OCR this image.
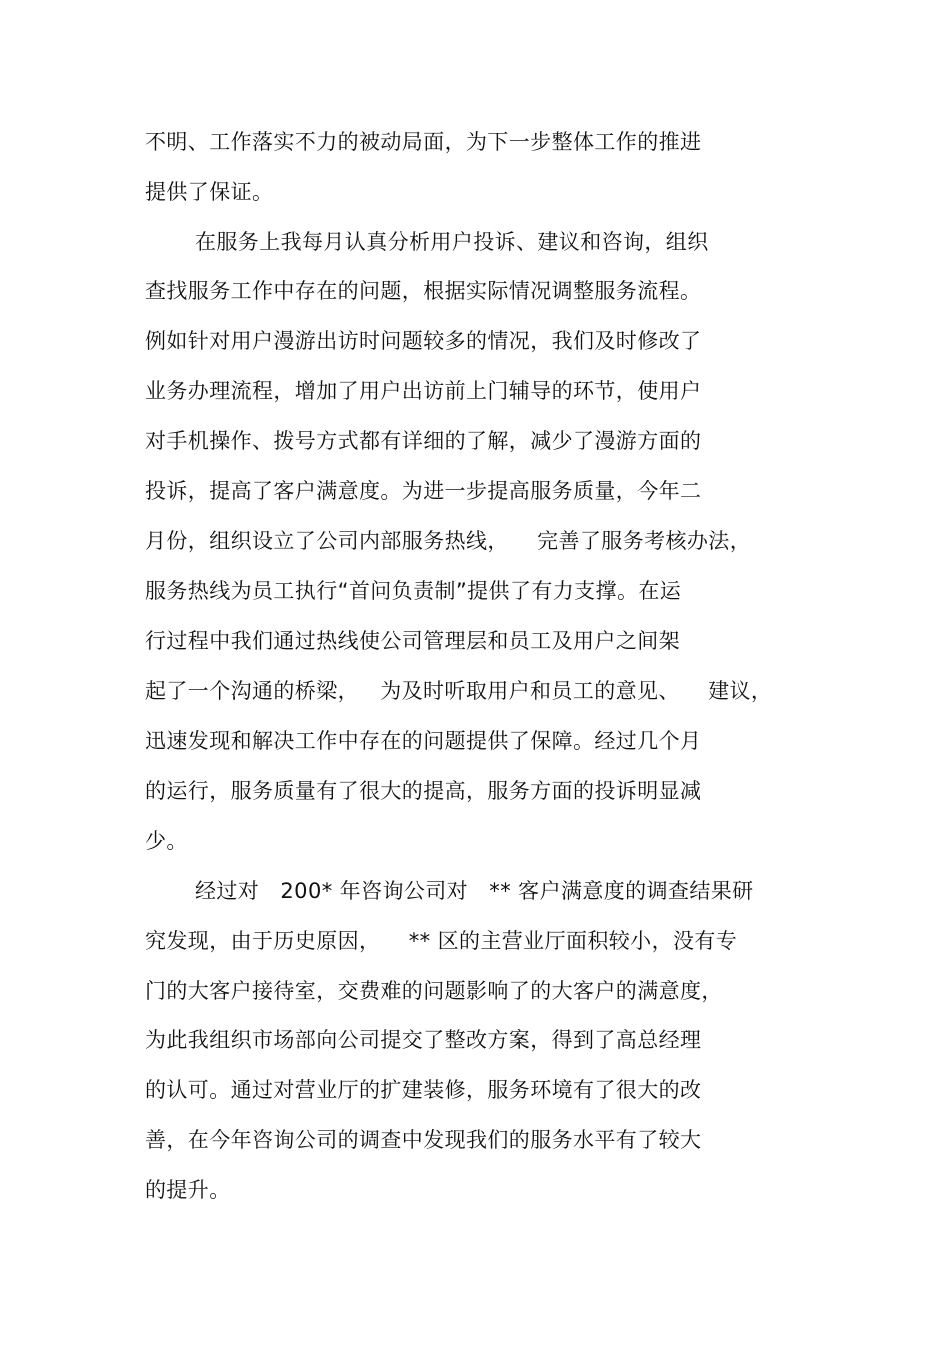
不明、工作落实不力的被动局面，为下一步整体工作的推进
提供了保证。
在服务上我每月认真分析用户投诉、建议和咨询，组织
查找服务工作中存在的问题，根据实际情况调整服务流程。
例如针对用户漫游出访时问题较多的情况，我们及时修改了
业务办理流程，增加了用户出访前上门辅导的环节，使用户
对手机操作、拨号方式都有详细的了解，减少了漫游方面的
投诉，提高了客户满意度。为进一步提高服务质量，今年二
月份，组织设立了公司内部服务热线，    完善了服务考核办法，
服务热线为员工执行“首问负责制”提供了有力支撑。在运
行过程中我们通过热线使公司管理层和员工及用户之间架
起了一个沟通的桥梁，   为及时听取用户和员工的意见、    建议，
迅速发现和解决工作中存在的问题提供了保障。经过几个月
的运行，服务质量有了很大的提高，服务方面的投诉明显减
少。
经过对   200* 年咨询公司对   ** 客户满意度的调查结果研
究发现，由于历史原因，    ** 区的主营业厅面积较小，没有专
门的大客户接待室，交费难的问题影响了的大客户的满意度，
为此我组织市场部向公司提交了整改方案，得到了高总经理
的认可。通过对营业厅的扩建装修，服务环境有了很大的改
善，在今年咨询公司的调查中发现我们的服务水平有了较大
的提升。
